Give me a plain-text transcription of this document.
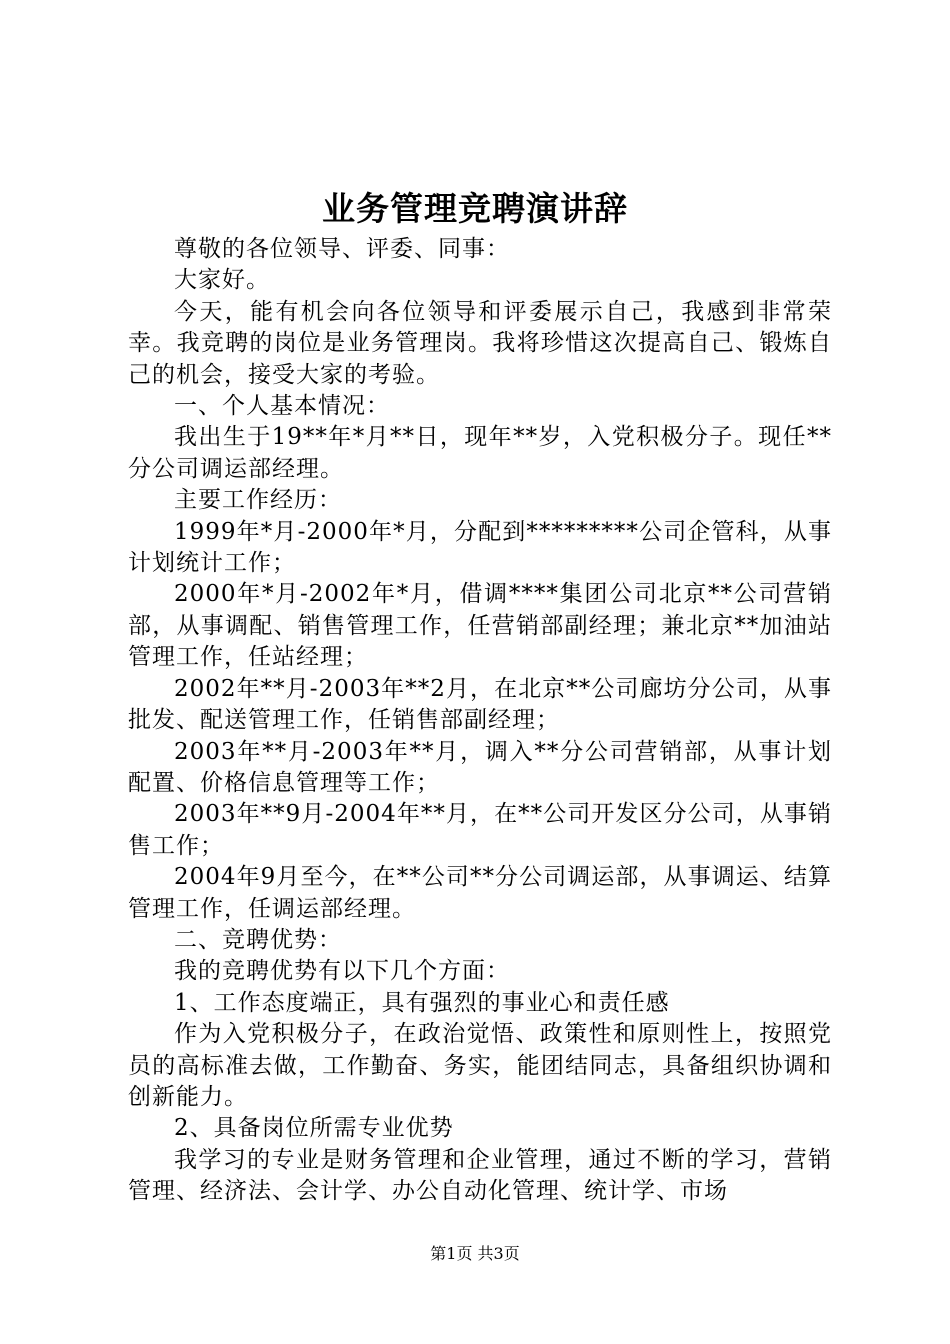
业务管理竞聘演讲辞

尊敬的各位领导、评委、同事：

大家好。

今天，能有机会向各位领导和评委展示自己，我感到非常荣幸。我竞聘的岗位是业务管理岗。我将珍惜这次提高自己、锻炼自己的机会，接受大家的考验。

一、个人基本情况：

我出生于19**年*月**日，现年**岁，入党积极分子。现任**分公司调运部经理。

主要工作经历：

1999年*月-2000年*月，分配到*********公司企管科，从事计划统计工作；

2000年*月-2002年*月，借调****集团公司北京**公司营销部，从事调配、销售管理工作，任营销部副经理；兼北京**加油站管理工作，任站经理；

2002年**月-2003年**2月，在北京**公司廊坊分公司，从事批发、配送管理工作，任销售部副经理；

2003年**月-2003年**月，调入**分公司营销部，从事计划配置、价格信息管理等工作；

2003年**9月-2004年**月，在**公司开发区分公司，从事销售工作；

2004年9月至今，在**公司**分公司调运部，从事调运、结算管理工作，任调运部经理。

二、竞聘优势：

我的竞聘优势有以下几个方面：

1、工作态度端正，具有强烈的事业心和责任感

作为入党积极分子，在政治觉悟、政策性和原则性上，按照党员的高标准去做，工作勤奋、务实，能团结同志，具备组织协调和创新能力。

2、具备岗位所需专业优势

我学习的专业是财务管理和企业管理，通过不断的学习，营销管理、经济法、会计学、办公自动化管理、统计学、市场

第1页 共3页
